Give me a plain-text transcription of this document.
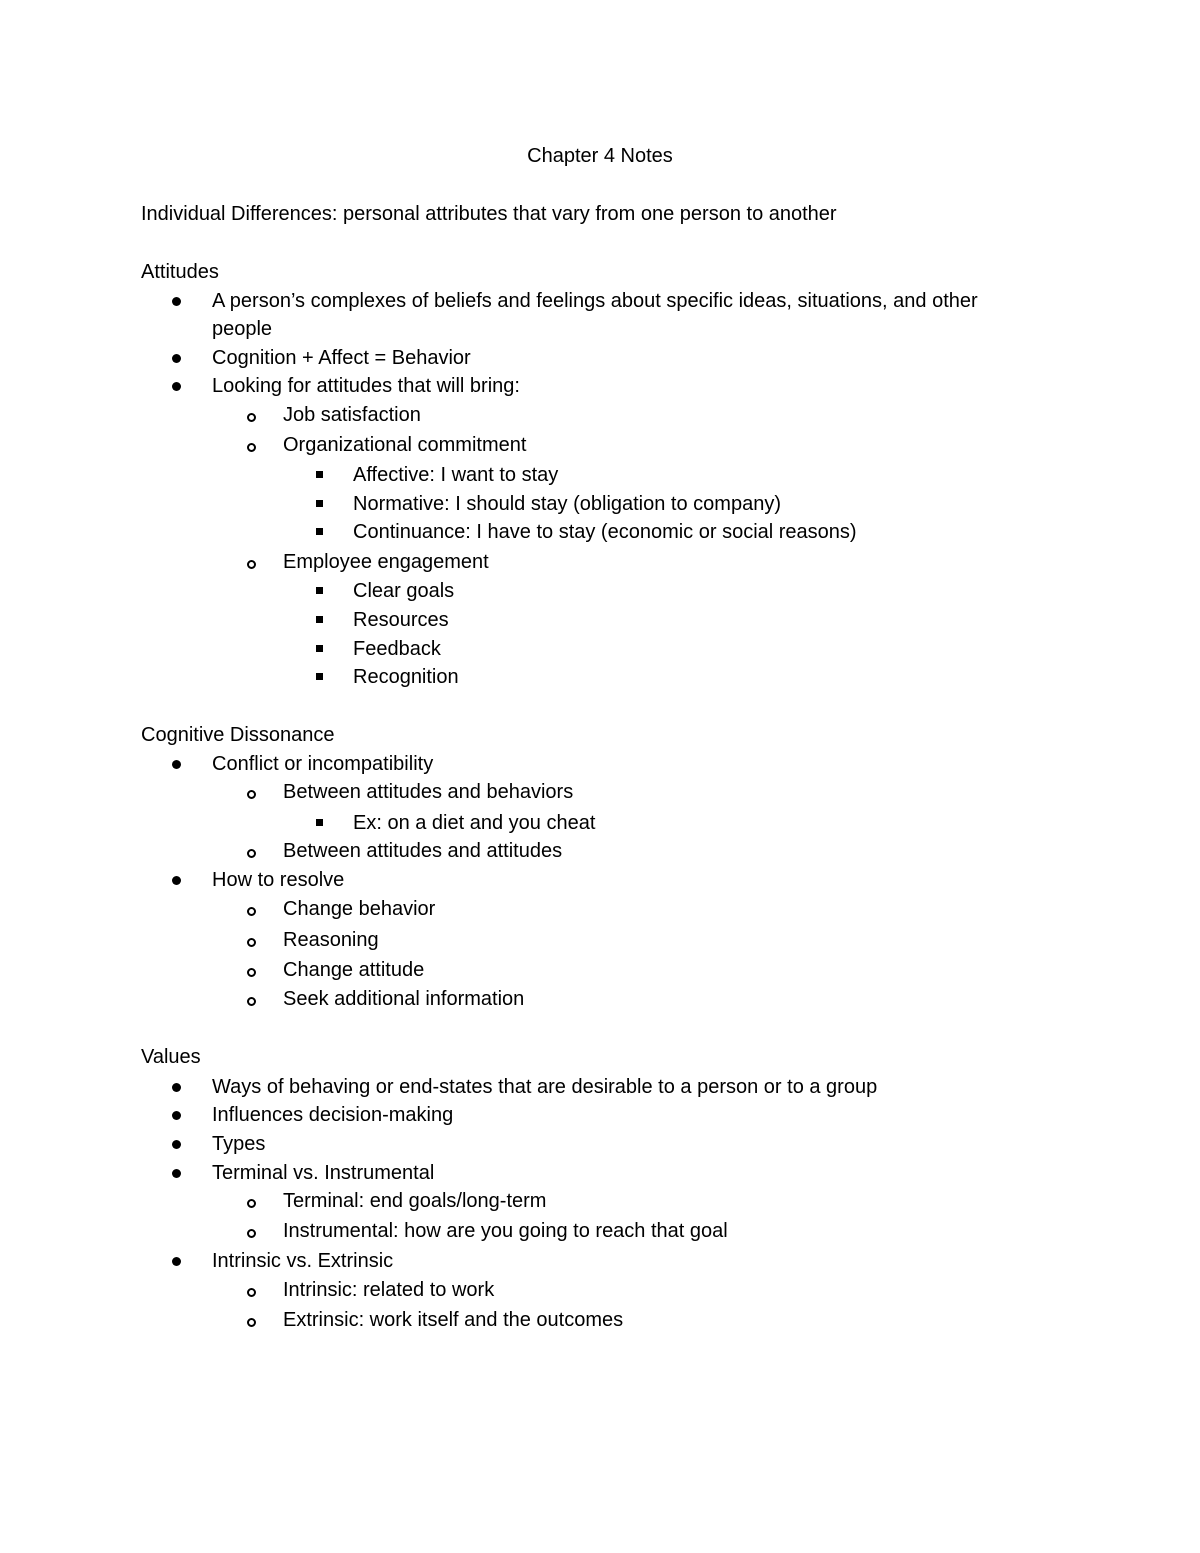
Chapter 4 Notes
Individual Differences: personal attributes that vary from one person to another
Attitudes
A person’s complexes of beliefs and feelings about specific ideas, situations, and other
people
Cognition + Affect = Behavior
Looking for attitudes that will bring:
Job satisfaction
Organizational commitment
Affective: I want to stay
Normative: I should stay (obligation to company)
Continuance: I have to stay (economic or social reasons)
Employee engagement
Clear goals
Resources
Feedback
Recognition
Cognitive Dissonance
Conflict or incompatibility
Between attitudes and behaviors
Ex: on a diet and you cheat
Between attitudes and attitudes
How to resolve
Change behavior
Reasoning
Change attitude
Seek additional information
Values
Ways of behaving or end-states that are desirable to a person or to a group
Influences decision-making
Types
Terminal vs. Instrumental
Terminal: end goals/long-term
Instrumental: how are you going to reach that goal
Intrinsic vs. Extrinsic
Intrinsic: related to work
Extrinsic: work itself and the outcomes
